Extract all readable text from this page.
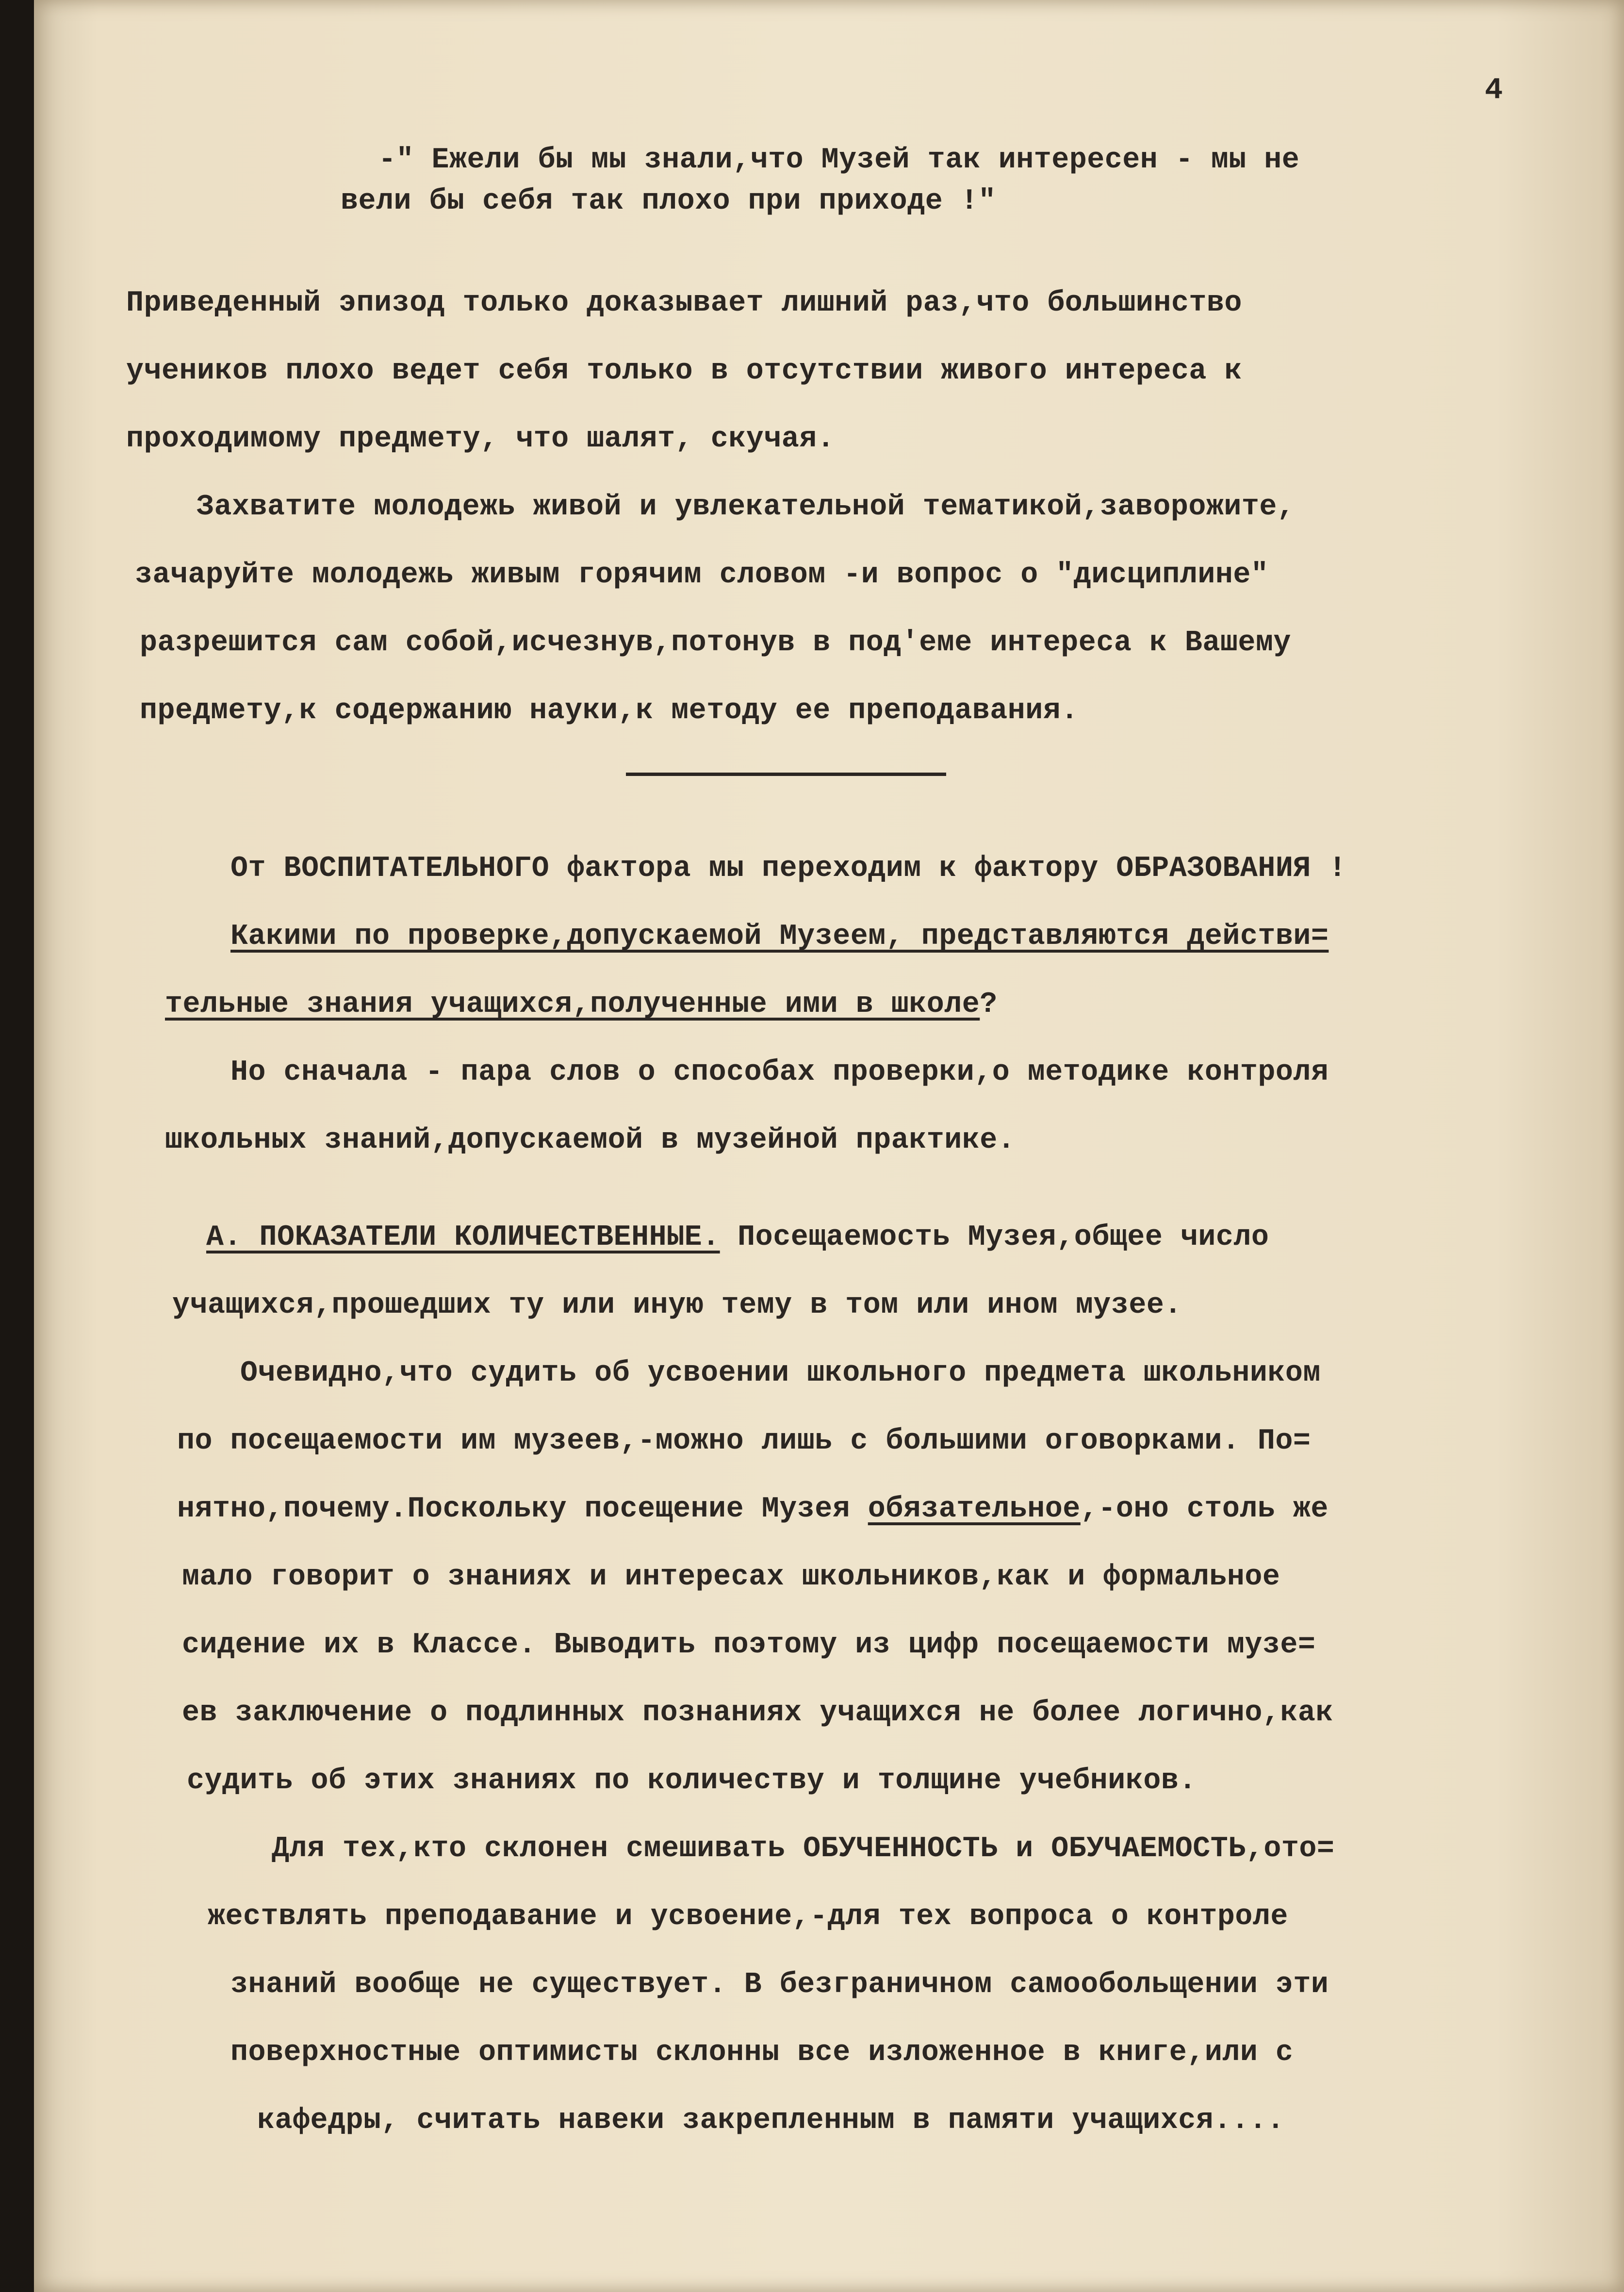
4
-" Ежели бы мы знали,что Музей так интересен - мы не
вели бы себя так плохо при приходе !"
Приведенный эпизод только доказывает лишний раз,что большинство
учеников плохо ведет себя только в отсутствии живого интереса к
проходимому предмету, что шалят, скучая.
Захватите молодежь живой и увлекательной тематикой,заворожите,
зачаруйте молодежь живым горячим словом -и вопрос о "дисциплине"
разрешится сам собой,исчезнув,потонув в под'еме интереса к Вашему
предмету,к содержанию науки,к методу ее преподавания.
От ВОСПИТАТЕЛЬНОГО фактора мы переходим к фактору ОБРАЗОВАНИЯ !
Какими по проверке,допускаемой Музеем, представляются действи=
тельные знания учащихся,полученные ими в школе?
Но сначала - пара слов о способах проверки,о методике контроля
школьных знаний,допускаемой в музейной практике.
А. ПОКАЗАТЕЛИ КОЛИЧЕСТВЕННЫЕ. Посещаемость Музея,общее число
учащихся,прошедших ту или иную тему в том или ином музее.
Очевидно,что судить об усвоении школьного предмета школьником
по посещаемости им музеев,-можно лишь с большими оговорками. По=
нятно,почему.Поскольку посещение Музея обязательное,-оно столь же
мало говорит о знаниях и интересах школьников,как и формальное
сидение их в Классе. Выводить поэтому из цифр посещаемости музе=
ев заключение о подлинных познаниях учащихся не более логично,как
судить об этих знаниях по количеству и толщине учебников.
Для тех,кто склонен смешивать ОБУЧЕННОСТЬ и ОБУЧАЕМОСТЬ,ото=
жествлять преподавание и усвоение,-для тех вопроса о контроле
знаний вообще не существует. В безграничном самообольщении эти
поверхностные оптимисты склонны все изложенное в книге,или с
кафедры, считать навеки закрепленным в памяти учащихся....
